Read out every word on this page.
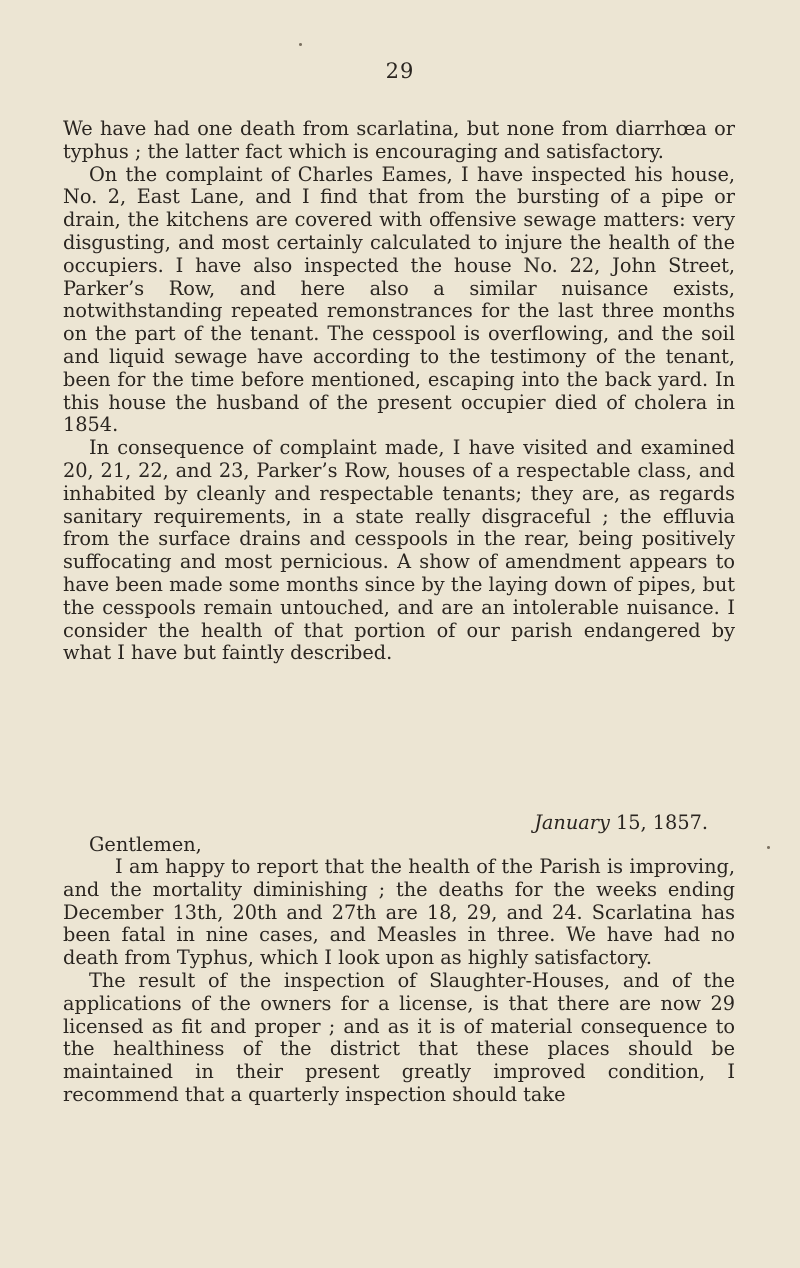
29

We have had one death from scarlatina, but none from diarrhœa or typhus ; the latter fact which is encouraging and satisfactory.

On the complaint of Charles Eames, I have inspected his house, No. 2, East Lane, and I find that from the bursting of a pipe or drain, the kitchens are covered with offensive sewage matters: very disgusting, and most certainly calculated to injure the health of the occupiers. I have also inspected the house No. 22, John Street, Parker’s Row, and here also a similar nuisance exists, notwithstanding repeated remonstrances for the last three months on the part of the tenant. The cesspool is overflowing, and the soil and liquid sewage have according to the testimony of the tenant, been for the time before mentioned, escaping into the back yard. In this house the husband of the present occupier died of cholera in 1854.

In consequence of complaint made, I have visited and examined 20, 21, 22, and 23, Parker’s Row, houses of a respectable class, and inhabited by cleanly and respectable tenants; they are, as regards sanitary requirements, in a state really disgraceful ; the effluvia from the surface drains and cesspools in the rear, being positively suffocating and most pernicious. A show of amendment appears to have been made some months since by the laying down of pipes, but the cesspools remain untouched, and are an intolerable nuisance. I consider the health of that portion of our parish endangered by what I have but faintly described.

January 15, 1857.
Gentlemen,

I am happy to report that the health of the Parish is improving, and the mortality diminishing ; the deaths for the weeks ending December 13th, 20th and 27th are 18, 29, and 24. Scarlatina has been fatal in nine cases, and Measles in three. We have had no death from Typhus, which I look upon as highly satisfactory.

The result of the inspection of Slaughter-Houses, and of the applications of the owners for a license, is that there are now 29 licensed as fit and proper ; and as it is of material consequence to the healthiness of the district that these places should be maintained in their present greatly improved condition, I recommend that a quarterly inspection should take
